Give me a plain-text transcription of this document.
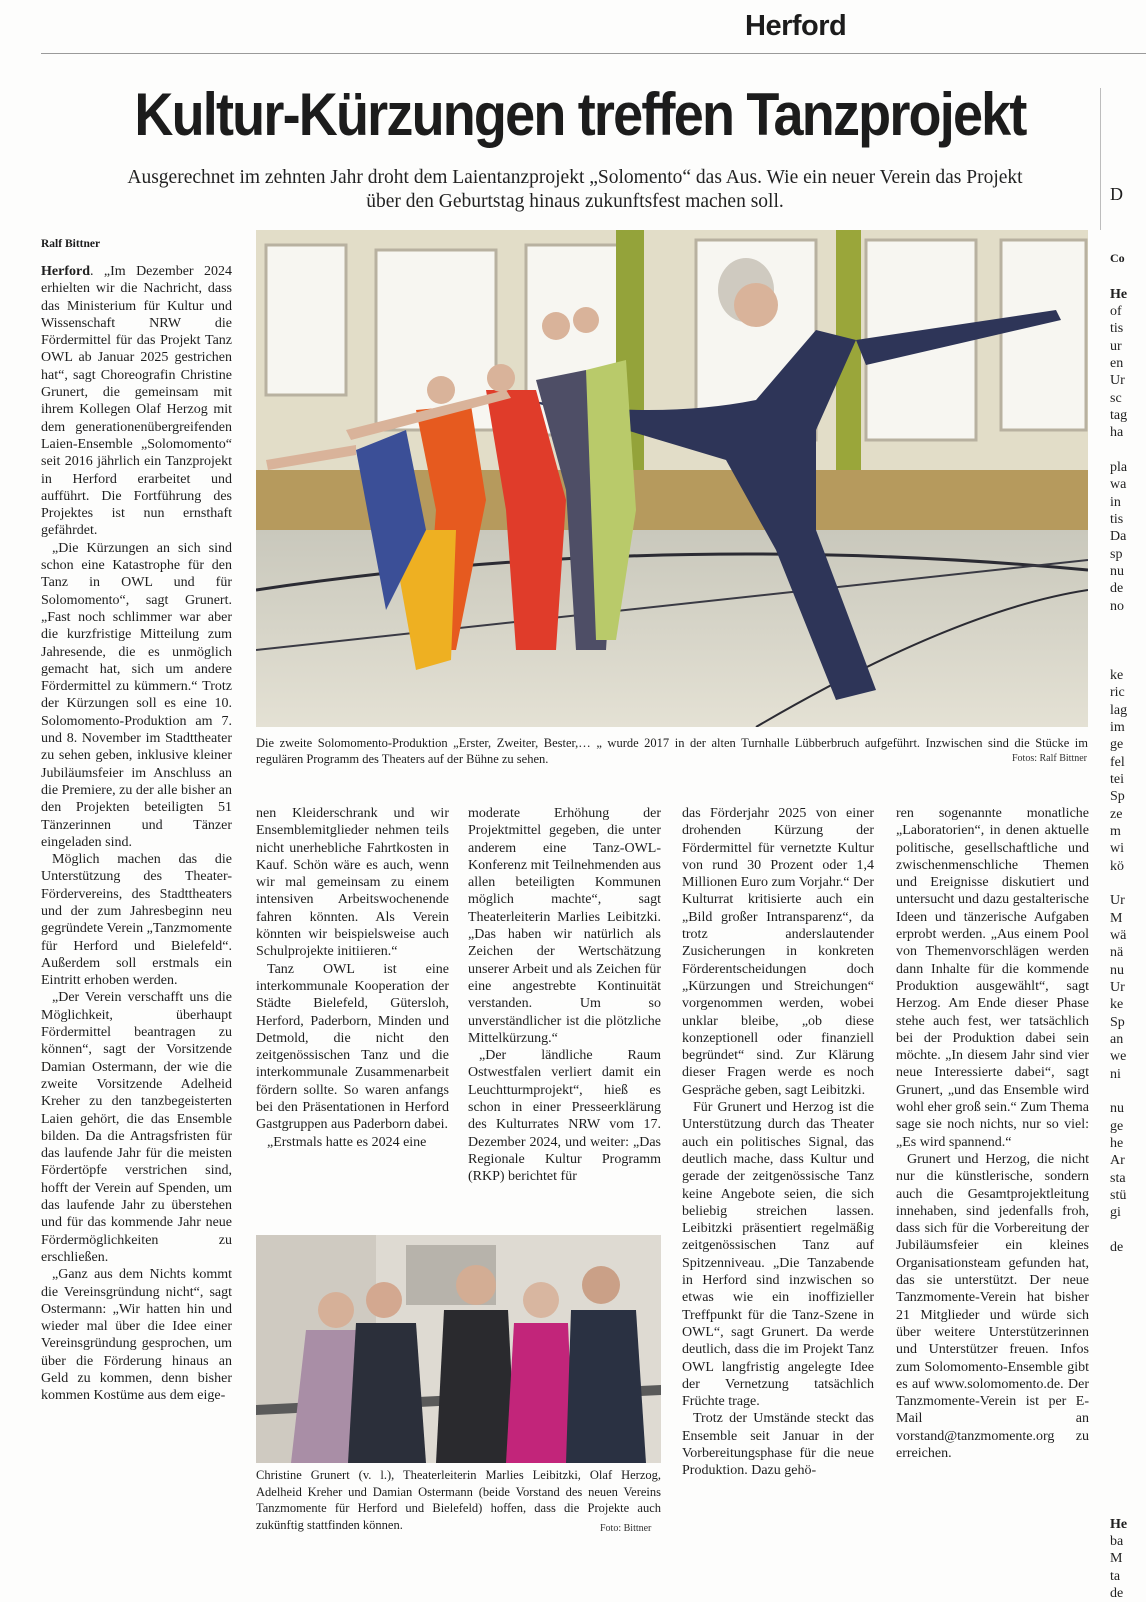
Herford
Kultur-Kürzungen treffen Tanzprojekt
Ausgerechnet im zehnten Jahr droht dem Laientanzprojekt „Solomento“ das Aus. Wie ein neuer Verein das Projekt
über den Geburtstag hinaus zukunftsfest machen soll.
Ralf Bittner

Herford. „Im Dezember 2024 erhielten wir die Nachricht, dass das Ministerium für Kultur und Wissenschaft NRW die Fördermittel für das Projekt Tanz OWL ab Januar 2025 gestrichen hat“, sagt Choreografin Christine Grunert, die gemeinsam mit ihrem Kollegen Olaf Herzog mit dem generationenübergreifenden Laien-Ensemble „Solomomento“ seit 2016 jährlich ein Tanzprojekt in Herford erarbeitet und aufführt. Die Fortführung des Projektes ist nun ernsthaft gefährdet.

„Die Kürzungen an sich sind schon eine Katastrophe für den Tanz in OWL und für Solomomento“, sagt Grunert. „Fast noch schlimmer war aber die kurzfristige Mitteilung zum Jahresende, die es unmöglich gemacht hat, sich um andere Fördermittel zu kümmern.“ Trotz der Kürzungen soll es eine 10. Solomomento-Produktion am 7. und 8. November im Stadttheater zu sehen geben, inklusive kleiner Jubiläumsfeier im Anschluss an die Premiere, zu der alle bisher an den Projekten beteiligten 51 Tänzerinnen und Tänzer eingeladen sind.

Möglich machen das die Unterstützung des Theater-Fördervereins, des Stadttheaters und der zum Jahresbeginn neu gegründete Verein „Tanzmomente für Herford und Bielefeld“. Außerdem soll erstmals ein Eintritt erhoben werden.

„Der Verein verschafft uns die Möglichkeit, überhaupt Fördermittel beantragen zu können“, sagt der Vorsitzende Damian Ostermann, der wie die zweite Vorsitzende Adelheid Kreher zu den tanzbegeisterten Laien gehört, die das Ensemble bilden. Da die Antragsfristen für das laufende Jahr für die meisten Fördertöpfe verstrichen sind, hofft der Verein auf Spenden, um das laufende Jahr zu überstehen und für das kommende Jahr neue Fördermöglichkeiten zu erschließen.

„Ganz aus dem Nichts kommt die Vereinsgründung nicht“, sagt Ostermann: „Wir hatten hin und wieder mal über die Idee einer Vereinsgründung gesprochen, um über die Förderung hinaus an Geld zu kommen, denn bisher kommen Kostüme aus dem eige-

Die zweite Solomomento-Produktion „Erster, Zweiter, Bester,… „ wurde 2017 in der alten Turnhalle Lübberbruch aufgeführt. Inzwischen sind die Stücke im regulären Programm des Theaters auf der Bühne zu sehen.	Fotos: Ralf Bittner

nen Kleiderschrank und wir Ensemblemitglieder nehmen teils nicht unerhebliche Fahrtkosten in Kauf. Schön wäre es auch, wenn wir mal gemeinsam zu einem intensiven Arbeitswochenende fahren könnten. Als Verein könnten wir beispielsweise auch Schulprojekte initiieren.“

Tanz OWL ist eine interkommunale Kooperation der Städte Bielefeld, Gütersloh, Herford, Paderborn, Minden und Detmold, die nicht den zeitgenössischen Tanz und die interkommunale Zusammenarbeit fördern sollte. So waren anfangs bei den Präsentationen in Herford Gastgruppen aus Paderborn dabei.

„Erstmals hatte es 2024 eine

moderate Erhöhung der Projektmittel gegeben, die unter anderem eine Tanz-OWL-Konferenz mit Teilnehmenden aus allen beteiligten Kommunen möglich machte“, sagt Theaterleiterin Marlies Leibitzki. „Das haben wir natürlich als Zeichen der Wertschätzung unserer Arbeit und als Zeichen für eine angestrebte Kontinuität verstanden. Um so unverständlicher ist die plötzliche Mittelkürzung.“

„Der ländliche Raum Ostwestfalen verliert damit ein Leuchtturmprojekt“, hieß es schon in einer Presseerklärung des Kulturrates NRW vom 17. Dezember 2024, und weiter: „Das Regionale Kultur Programm (RKP) berichtet für

das Förderjahr 2025 von einer drohenden Kürzung der Fördermittel für vernetzte Kultur von rund 30 Prozent oder 1,4 Millionen Euro zum Vorjahr.“ Der Kulturrat kritisierte auch ein „Bild großer Intransparenz“, da trotz anderslautender Zusicherungen in konkreten Förderentscheidungen doch „Kürzungen und Streichungen“ vorgenommen werden, wobei unklar bleibe, „ob diese konzeptionell oder finanziell begründet“ sind. Zur Klärung dieser Fragen werde es noch Gespräche geben, sagt Leibitzki.

Für Grunert und Herzog ist die Unterstützung durch das Theater auch ein politisches Signal, das deutlich mache, dass Kultur und gerade der zeitgenössische Tanz keine Angebote seien, die sich beliebig streichen lassen. Leibitzki präsentiert regelmäßig zeitgenössischen Tanz auf Spitzenniveau. „Die Tanzabende in Herford sind inzwischen so etwas wie ein inoffizieller Treffpunkt für die Tanz-Szene in OWL“, sagt Grunert. Da werde deutlich, dass die im Projekt Tanz OWL langfristig angelegte Idee der Vernetzung tatsächlich Früchte trage.

Trotz der Umstände steckt das Ensemble seit Januar in der Vorbereitungsphase für die neue Produktion. Dazu gehö-

ren sogenannte monatliche „Laboratorien“, in denen aktuelle politische, gesellschaftliche und zwischenmenschliche Themen und Ereignisse diskutiert und untersucht und dazu gestalterische Ideen und tänzerische Aufgaben erprobt werden. „Aus einem Pool von Themenvorschlägen werden dann Inhalte für die kommende Produktion ausgewählt“, sagt Herzog. Am Ende dieser Phase stehe auch fest, wer tatsächlich bei der Produktion dabei sein möchte. „In diesem Jahr sind vier neue Interessierte dabei“, sagt Grunert, „und das Ensemble wird wohl eher groß sein.“ Zum Thema sage sie noch nichts, nur so viel: „Es wird spannend.“

Grunert und Herzog, die nicht nur die künstlerische, sondern auch die Gesamtprojektleitung innehaben, sind jedenfalls froh, dass sich für die Vorbereitung der Jubiläumsfeier ein kleines Organisationsteam gefunden hat, das sie unterstützt. Der neue Tanzmomente-Verein hat bisher 21 Mitglieder und würde sich über weitere Unterstützerinnen und Unterstützer freuen. Infos zum Solomomento-Ensemble gibt es auf www.solomomento.de. Der Tanzmomente-Verein ist per E-Mail an vorstand@tanzmomente.org zu erreichen.

Christine Grunert (v. l.), Theaterleiterin Marlies Leibitzki, Olaf Herzog, Adelheid Kreher und Damian Ostermann (beide Vorstand des neuen Vereins Tanzmomente für Herford und Bielefeld) hoffen, dass die Projekte auch zukünftig stattfinden können.	Foto: Bittner
D
Co
He
of
tis
ur
en
Ur
sc
tag
ha
pla
wa
in
tis
Da
sp
nu
de
no
ke
ric
lag
im
ge
fel
tei
Sp
ze
m
wi
kö
Ur
M
wä
nä
nu
Ur
ke
Sp
an
we
ni
nu
ge
he
Ar
sta
stü
gi
de
He
ba
M
ta
de
